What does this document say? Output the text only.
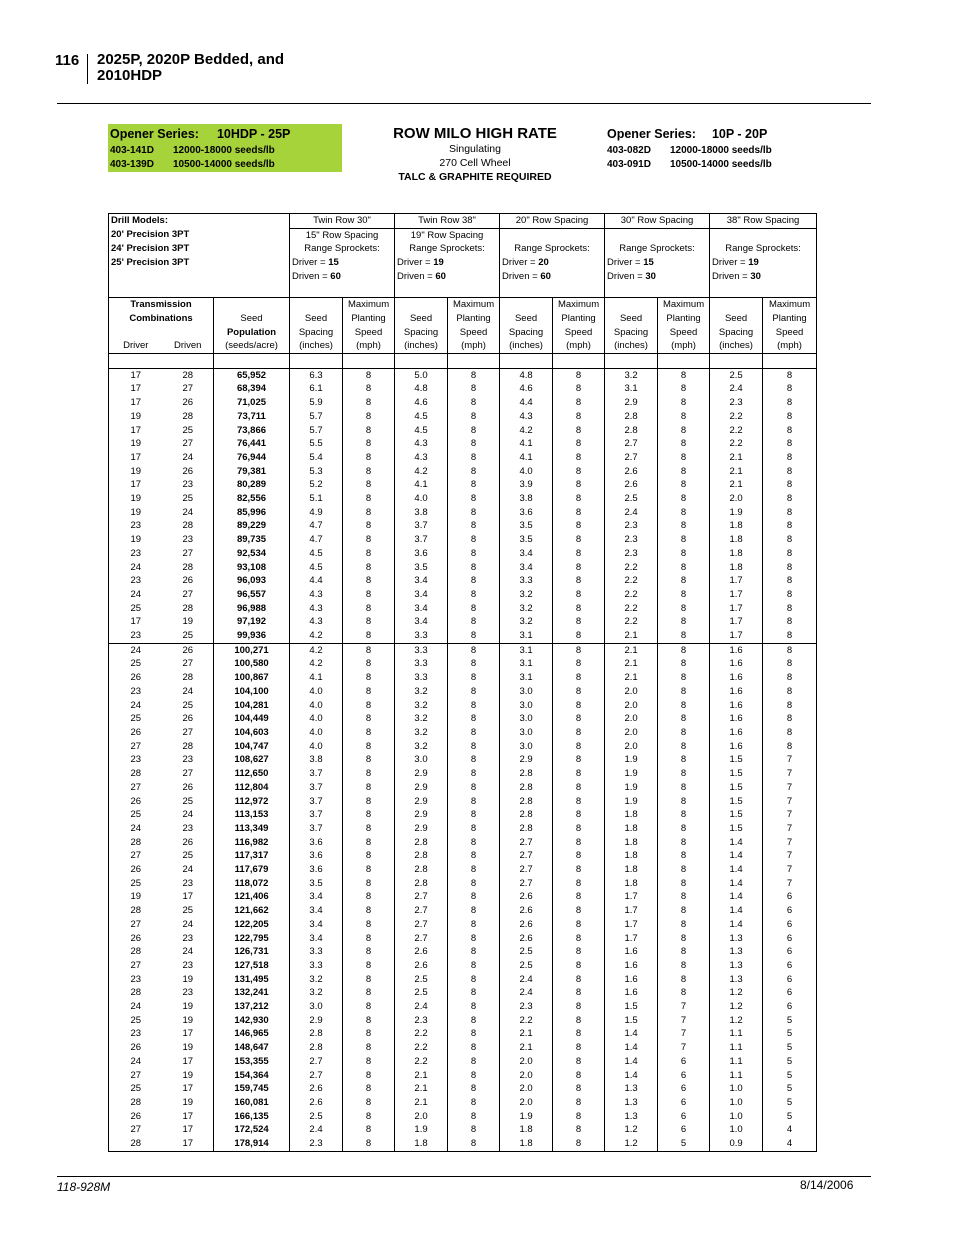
116 2025P, 2020P Bedded, and
2010HDP
Opener Series: 10HDP - 25P
403-141D 12000-18000 seeds/lb
403-139D 10500-14000 seeds/lb
ROW MILO HIGH RATE
Singulating
270 Cell Wheel
TALC & GRAPHITE REQUIRED
Opener Series: 10P - 20P
403-082D 12000-18000 seeds/lb
403-091D 10500-14000 seeds/lb
Drill Models:			Twin Row 30"		Twin Row 38"		20" Row Spacing		30" Row Spacing		38" Row Spacing	
20' Precision 3PT			15" Row Spacing		19" Row Spacing							
24' Precision 3PT			Range Sprockets:		Range Sprockets:		Range Sprockets:		Range Sprockets:		Range Sprockets:	
25' Precision 3PT			Driver = 15		Driver = 19		Driver = 20		Driver = 15		Driver = 19	
			Driven = 60		Driven = 60		Driven = 60		Driven = 30		Driven = 30	

Transmission				Maximum		Maximum		Maximum		Maximum		Maximum
Combinations		Seed	Seed	Planting	Seed	Planting	Seed	Planting	Seed	Planting	Seed	Planting
		Population	Spacing	Speed	Spacing	Speed	Spacing	Speed	Spacing	Speed	Spacing	Speed
Driver	Driven	(seeds/acre)	(inches)	(mph)	(inches)	(mph)	(inches)	(mph)	(inches)	(mph)	(inches)	(mph)

17	28	65,952	6.3	8	5.0	8	4.8	8	3.2	8	2.5	8
17	27	68,394	6.1	8	4.8	8	4.6	8	3.1	8	2.4	8
17	26	71,025	5.9	8	4.6	8	4.4	8	2.9	8	2.3	8
19	28	73,711	5.7	8	4.5	8	4.3	8	2.8	8	2.2	8
17	25	73,866	5.7	8	4.5	8	4.2	8	2.8	8	2.2	8
19	27	76,441	5.5	8	4.3	8	4.1	8	2.7	8	2.2	8
17	24	76,944	5.4	8	4.3	8	4.1	8	2.7	8	2.1	8
19	26	79,381	5.3	8	4.2	8	4.0	8	2.6	8	2.1	8
17	23	80,289	5.2	8	4.1	8	3.9	8	2.6	8	2.1	8
19	25	82,556	5.1	8	4.0	8	3.8	8	2.5	8	2.0	8
19	24	85,996	4.9	8	3.8	8	3.6	8	2.4	8	1.9	8
23	28	89,229	4.7	8	3.7	8	3.5	8	2.3	8	1.8	8
19	23	89,735	4.7	8	3.7	8	3.5	8	2.3	8	1.8	8
23	27	92,534	4.5	8	3.6	8	3.4	8	2.3	8	1.8	8
24	28	93,108	4.5	8	3.5	8	3.4	8	2.2	8	1.8	8
23	26	96,093	4.4	8	3.4	8	3.3	8	2.2	8	1.7	8
24	27	96,557	4.3	8	3.4	8	3.2	8	2.2	8	1.7	8
25	28	96,988	4.3	8	3.4	8	3.2	8	2.2	8	1.7	8
17	19	97,192	4.3	8	3.4	8	3.2	8	2.2	8	1.7	8
23	25	99,936	4.2	8	3.3	8	3.1	8	2.1	8	1.7	8
24	26	100,271	4.2	8	3.3	8	3.1	8	2.1	8	1.6	8
25	27	100,580	4.2	8	3.3	8	3.1	8	2.1	8	1.6	8
26	28	100,867	4.1	8	3.3	8	3.1	8	2.1	8	1.6	8
23	24	104,100	4.0	8	3.2	8	3.0	8	2.0	8	1.6	8
24	25	104,281	4.0	8	3.2	8	3.0	8	2.0	8	1.6	8
25	26	104,449	4.0	8	3.2	8	3.0	8	2.0	8	1.6	8
26	27	104,603	4.0	8	3.2	8	3.0	8	2.0	8	1.6	8
27	28	104,747	4.0	8	3.2	8	3.0	8	2.0	8	1.6	8
23	23	108,627	3.8	8	3.0	8	2.9	8	1.9	8	1.5	7
28	27	112,650	3.7	8	2.9	8	2.8	8	1.9	8	1.5	7
27	26	112,804	3.7	8	2.9	8	2.8	8	1.9	8	1.5	7
26	25	112,972	3.7	8	2.9	8	2.8	8	1.9	8	1.5	7
25	24	113,153	3.7	8	2.9	8	2.8	8	1.8	8	1.5	7
24	23	113,349	3.7	8	2.9	8	2.8	8	1.8	8	1.5	7
28	26	116,982	3.6	8	2.8	8	2.7	8	1.8	8	1.4	7
27	25	117,317	3.6	8	2.8	8	2.7	8	1.8	8	1.4	7
26	24	117,679	3.6	8	2.8	8	2.7	8	1.8	8	1.4	7
25	23	118,072	3.5	8	2.8	8	2.7	8	1.8	8	1.4	7
19	17	121,406	3.4	8	2.7	8	2.6	8	1.7	8	1.4	6
28	25	121,662	3.4	8	2.7	8	2.6	8	1.7	8	1.4	6
27	24	122,205	3.4	8	2.7	8	2.6	8	1.7	8	1.4	6
26	23	122,795	3.4	8	2.7	8	2.6	8	1.7	8	1.3	6
28	24	126,731	3.3	8	2.6	8	2.5	8	1.6	8	1.3	6
27	23	127,518	3.3	8	2.6	8	2.5	8	1.6	8	1.3	6
23	19	131,495	3.2	8	2.5	8	2.4	8	1.6	8	1.3	6
28	23	132,241	3.2	8	2.5	8	2.4	8	1.6	8	1.2	6
24	19	137,212	3.0	8	2.4	8	2.3	8	1.5	7	1.2	6
25	19	142,930	2.9	8	2.3	8	2.2	8	1.5	7	1.2	5
23	17	146,965	2.8	8	2.2	8	2.1	8	1.4	7	1.1	5
26	19	148,647	2.8	8	2.2	8	2.1	8	1.4	7	1.1	5
24	17	153,355	2.7	8	2.2	8	2.0	8	1.4	6	1.1	5
27	19	154,364	2.7	8	2.1	8	2.0	8	1.4	6	1.1	5
25	17	159,745	2.6	8	2.1	8	2.0	8	1.3	6	1.0	5
28	19	160,081	2.6	8	2.1	8	2.0	8	1.3	6	1.0	5
26	17	166,135	2.5	8	2.0	8	1.9	8	1.3	6	1.0	5
27	17	172,524	2.4	8	1.9	8	1.8	8	1.2	6	1.0	4
28	17	178,914	2.3	8	1.8	8	1.8	8	1.2	5	0.9	4
118-928M	8/14/2006
